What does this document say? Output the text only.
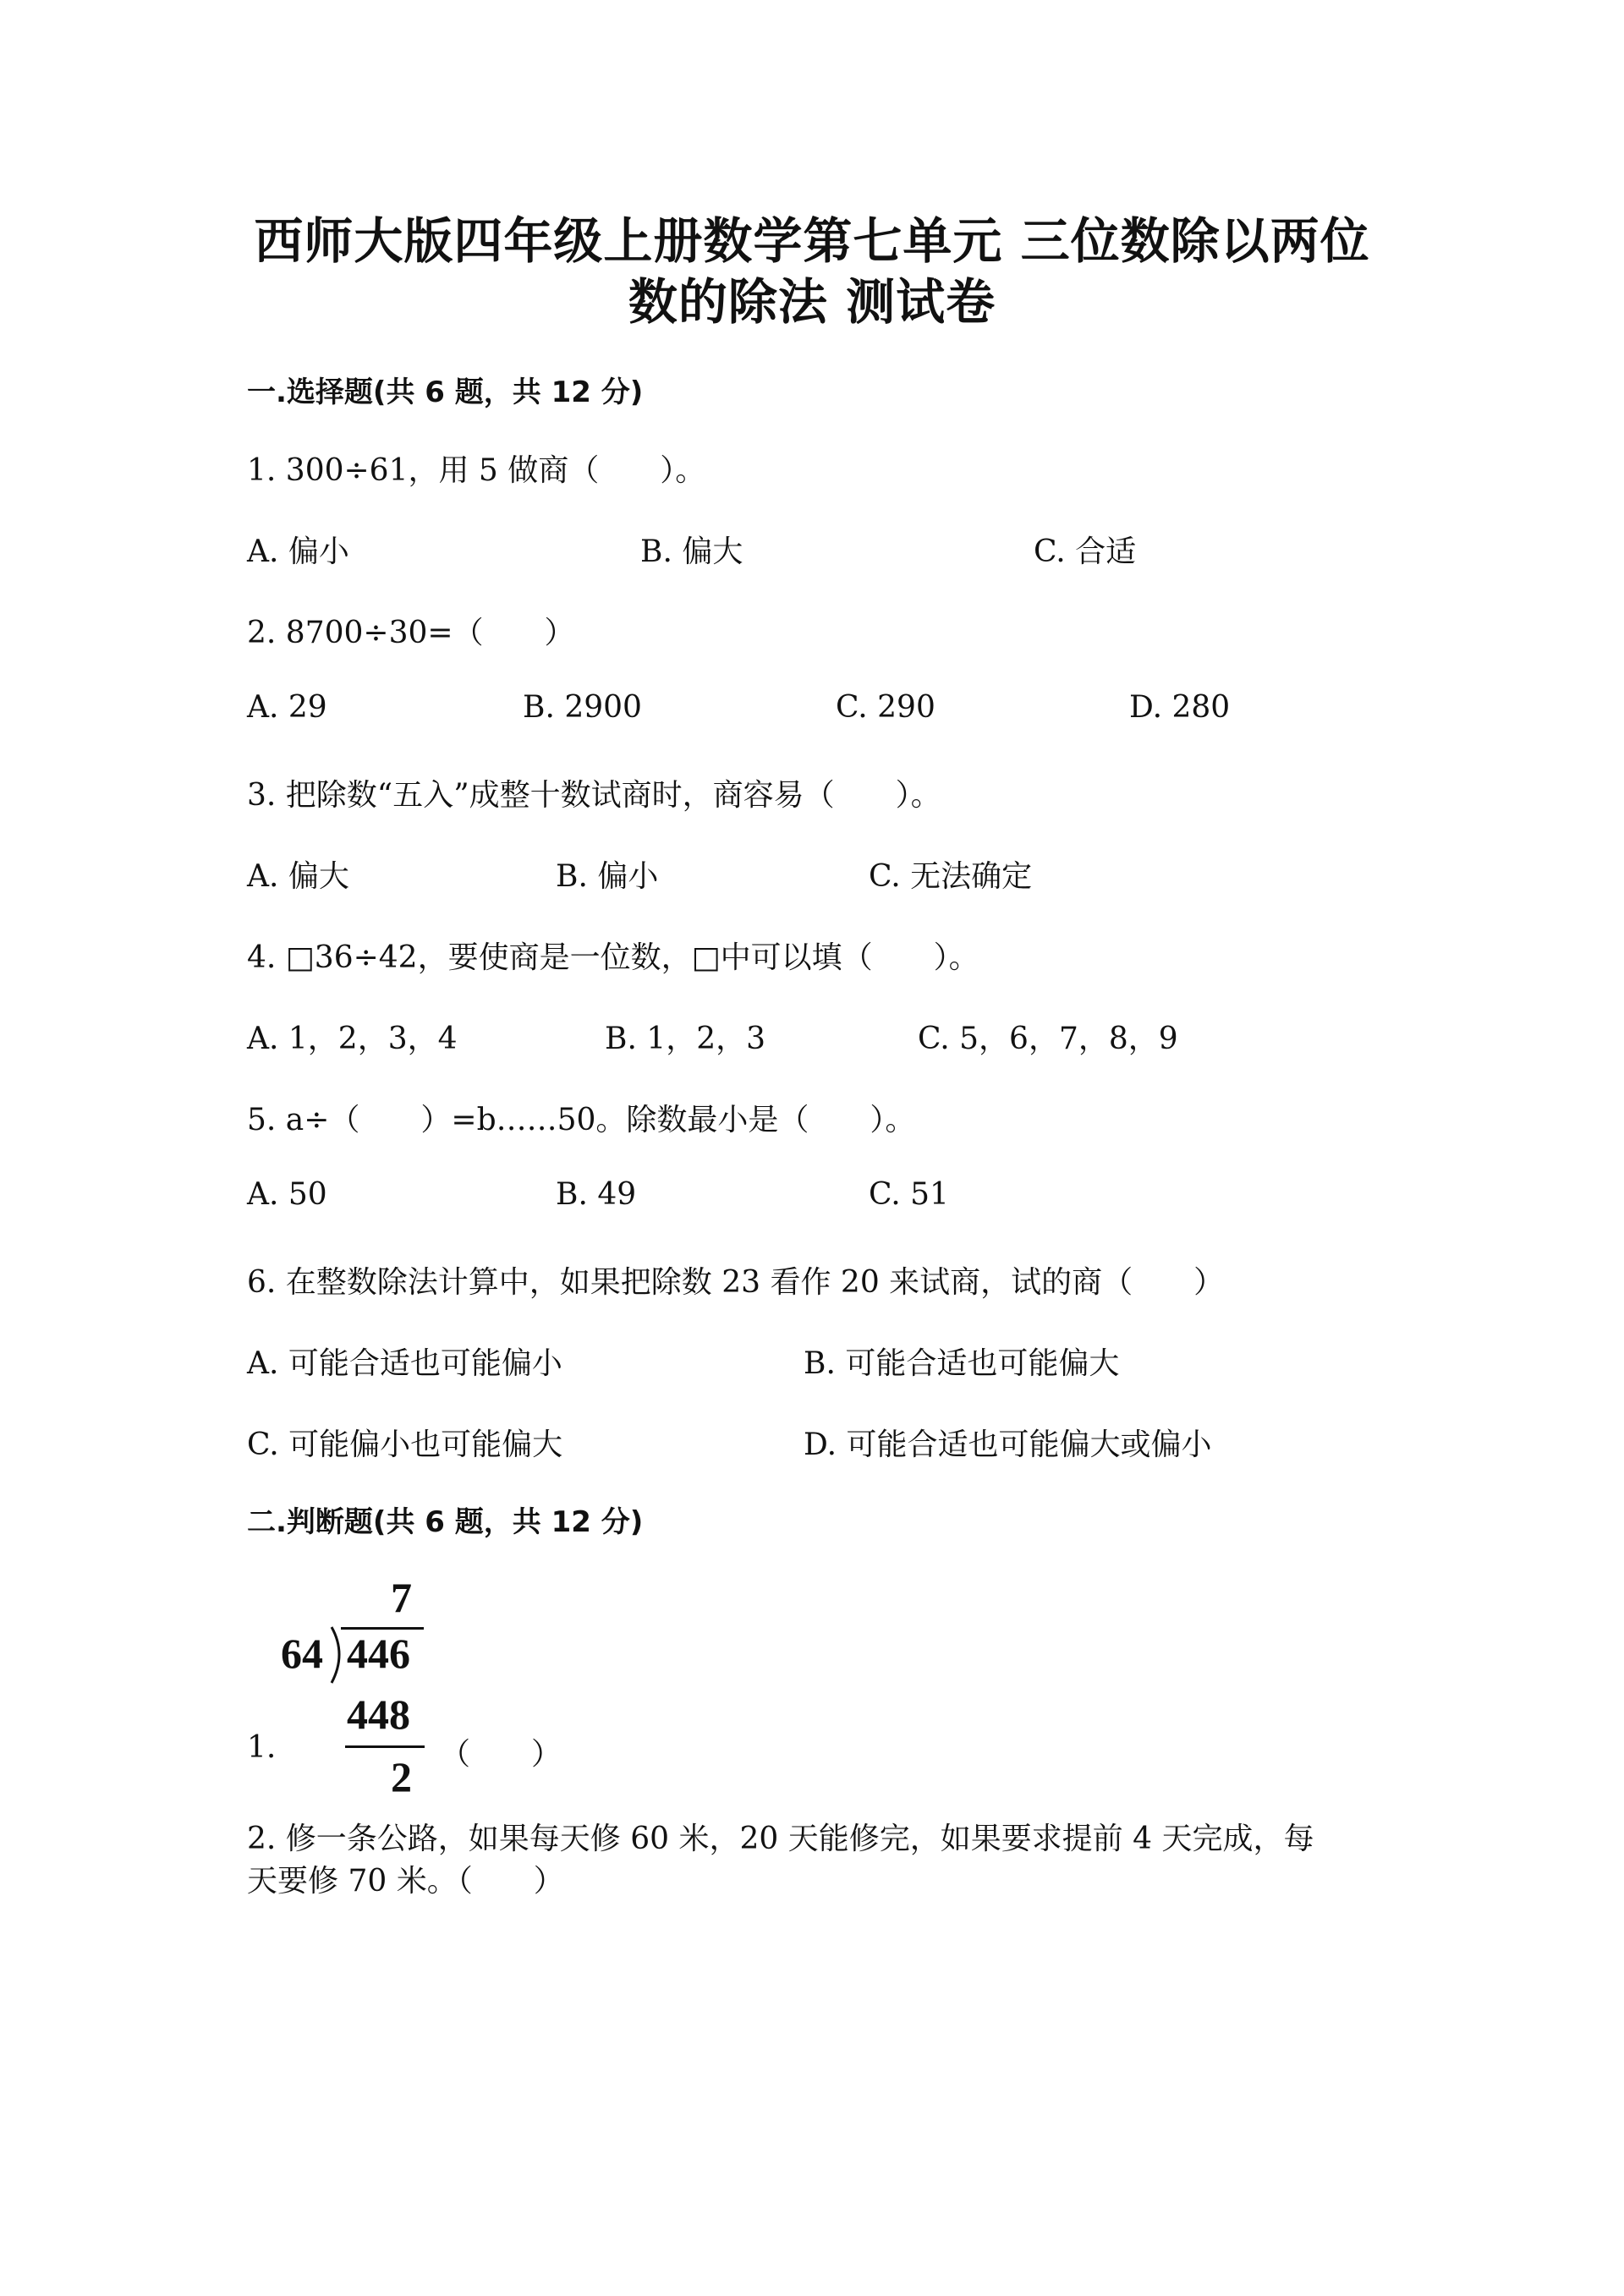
西师大版四年级上册数学第七单元 三位数除以两位
数的除法 测试卷
一.选择题(共 6 题，共 12 分)
1. 300÷61，用 5 做商（　　）。
A. 偏小	B. 偏大	C. 合适
2. 8700÷30=（　　）
A. 29	B. 2900	C. 290	D. 280
3. 把除数“五入”成整十数试商时，商容易（　　）。
A. 偏大	B. 偏小	C. 无法确定
4. □36÷42，要使商是一位数，□中可以填（　　）。
A. 1，2，3，4	B. 1，2，3	C. 5，6，7，8，9
5. a÷（　　）=b……50。除数最小是（　　）。
A. 50	B. 49	C. 51
6. 在整数除法计算中，如果把除数 23 看作 20 来试商，试的商（　　）
A. 可能合适也可能偏小	B. 可能合适也可能偏大
C. 可能偏小也可能偏大	D. 可能合适也可能偏大或偏小
二.判断题(共 6 题，共 12 分)
7
64 446
448
2
1.	（　　）
2. 修一条公路，如果每天修 60 米，20 天能修完，如果要求提前 4 天完成，每
天要修 70 米。（　　）
